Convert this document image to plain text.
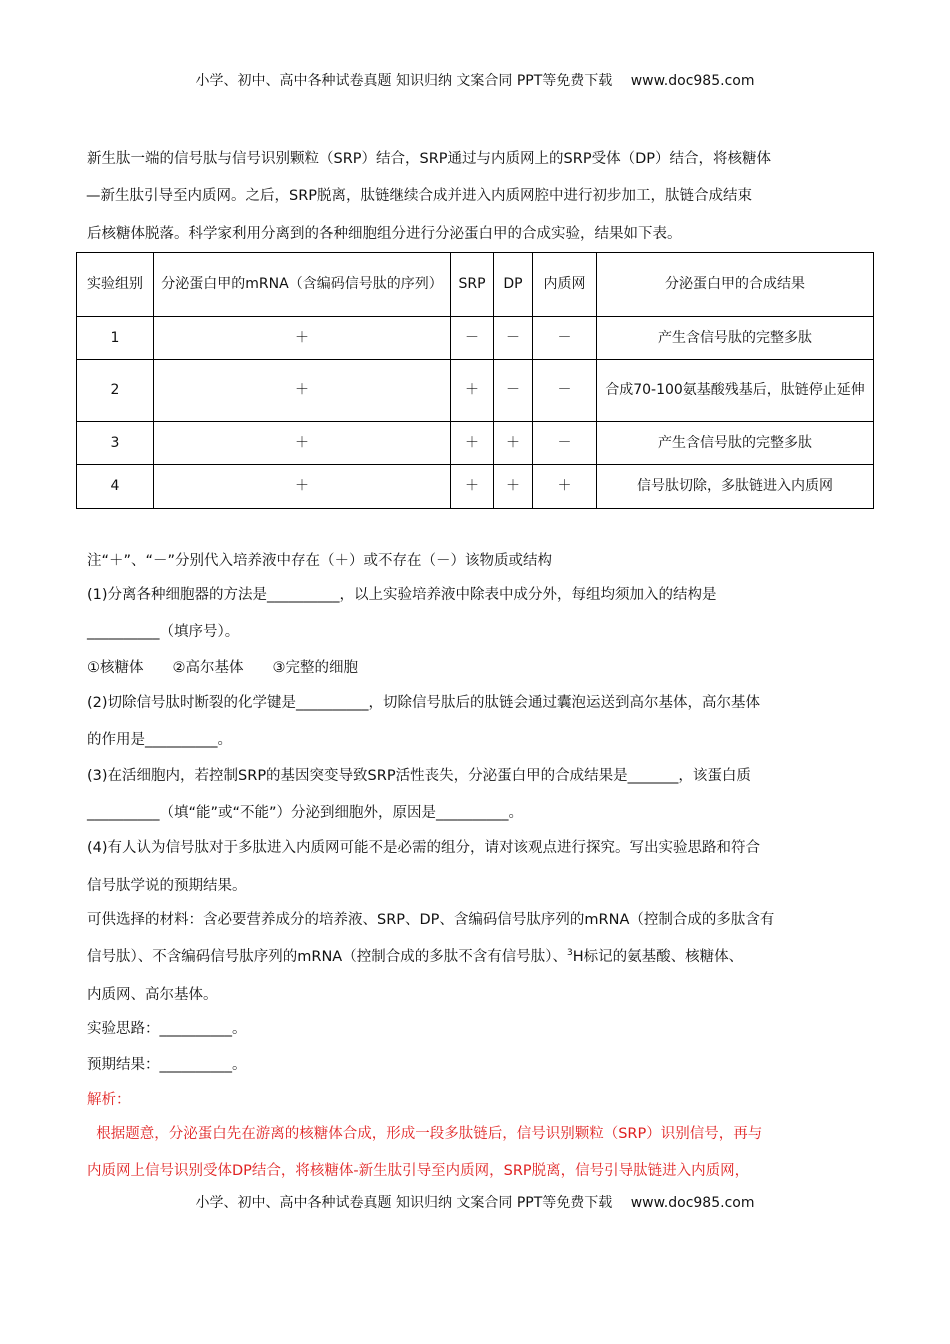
小学、初中、高中各种试卷真题 知识归纳 文案合同 PPT等免费下载　 www.doc985.com
新生肽一端的信号肽与信号识别颗粒（SRP）结合，SRP通过与内质网上的SRP受体（DP）结合，将核糖体
—新生肽引导至内质网。之后，SRP脱离，肽链继续合成并进入内质网腔中进行初步加工，肽链合成结束
后核糖体脱落。科学家利用分离到的各种细胞组分进行分泌蛋白甲的合成实验，结果如下表。
实验组别	分泌蛋白甲的mRNA（含编码信号肽的序列）	SRP	DP	内质网	分泌蛋白甲的合成结果
1	＋	－	－	－	产生含信号肽的完整多肽
2	＋	＋	－	－	合成70-100氨基酸残基后，肽链停止延伸
3	＋	＋	＋	－	产生含信号肽的完整多肽
4	＋	＋	＋	＋	信号肽切除，多肽链进入内质网
注“＋”、“－”分别代入培养液中存在（＋）或不存在（－）该物质或结构
(1)分离各种细胞器的方法是__________，以上实验培养液中除表中成分外，每组均须加入的结构是
__________（填序号）。
①核糖体　　②高尔基体　　③完整的细胞
(2)切除信号肽时断裂的化学键是__________，切除信号肽后的肽链会通过囊泡运送到高尔基体，高尔基体
的作用是__________。
(3)在活细胞内，若控制SRP的基因突变导致SRP活性丧失，分泌蛋白甲的合成结果是_______，该蛋白质
__________（填“能”或“不能”）分泌到细胞外，原因是__________。
(4)有人认为信号肽对于多肽进入内质网可能不是必需的组分，请对该观点进行探究。写出实验思路和符合
信号肽学说的预期结果。
可供选择的材料：含必要营养成分的培养液、SRP、DP、含编码信号肽序列的mRNA（控制合成的多肽含有
信号肽）、不含编码信号肽序列的mRNA（控制合成的多肽不含有信号肽）、$^3$H标记的氨基酸、核糖体、
内质网、高尔基体。
实验思路：__________。
预期结果：__________。
解析：
根据题意，分泌蛋白先在游离的核糖体合成，形成一段多肽链后，信号识别颗粒（SRP）识别信号，再与
内质网上信号识别受体DP结合，将核糖体-新生肽引导至内质网，SRP脱离，信号引导肽链进入内质网，
小学、初中、高中各种试卷真题 知识归纳 文案合同 PPT等免费下载　 www.doc985.com
